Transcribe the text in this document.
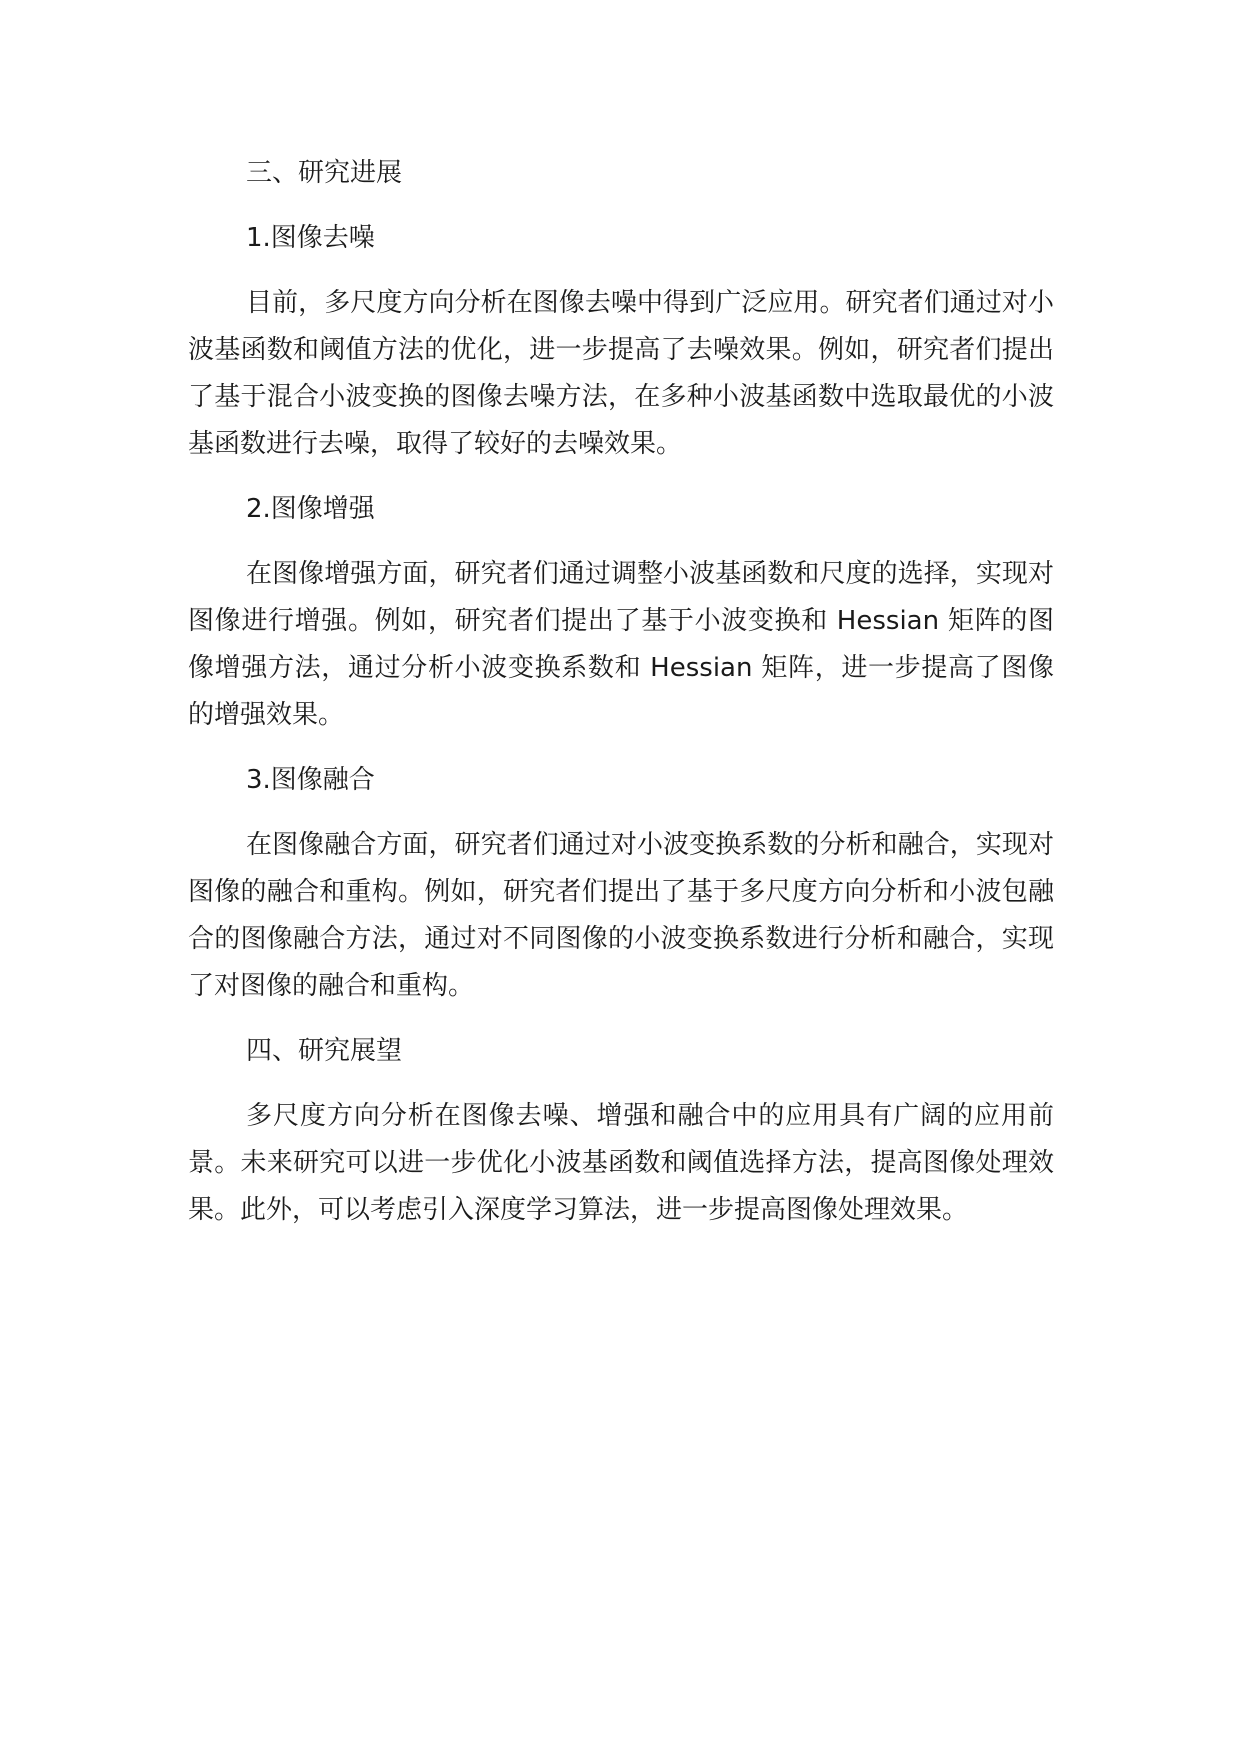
三、研究进展

1.图像去噪

目前，多尺度方向分析在图像去噪中得到广泛应用。研究者们通过对小波基函数和阈值方法的优化，进一步提高了去噪效果。例如，研究者们提出了基于混合小波变换的图像去噪方法，在多种小波基函数中选取最优的小波基函数进行去噪，取得了较好的去噪效果。

2.图像增强

在图像增强方面，研究者们通过调整小波基函数和尺度的选择，实现对图像进行增强。例如，研究者们提出了基于小波变换和 Hessian 矩阵的图像增强方法，通过分析小波变换系数和 Hessian 矩阵，进一步提高了图像的增强效果。

3.图像融合

在图像融合方面，研究者们通过对小波变换系数的分析和融合，实现对图像的融合和重构。例如，研究者们提出了基于多尺度方向分析和小波包融合的图像融合方法，通过对不同图像的小波变换系数进行分析和融合，实现了对图像的融合和重构。

四、研究展望

多尺度方向分析在图像去噪、增强和融合中的应用具有广阔的应用前景。未来研究可以进一步优化小波基函数和阈值选择方法，提高图像处理效果。此外，可以考虑引入深度学习算法，进一步提高图像处理效果。
